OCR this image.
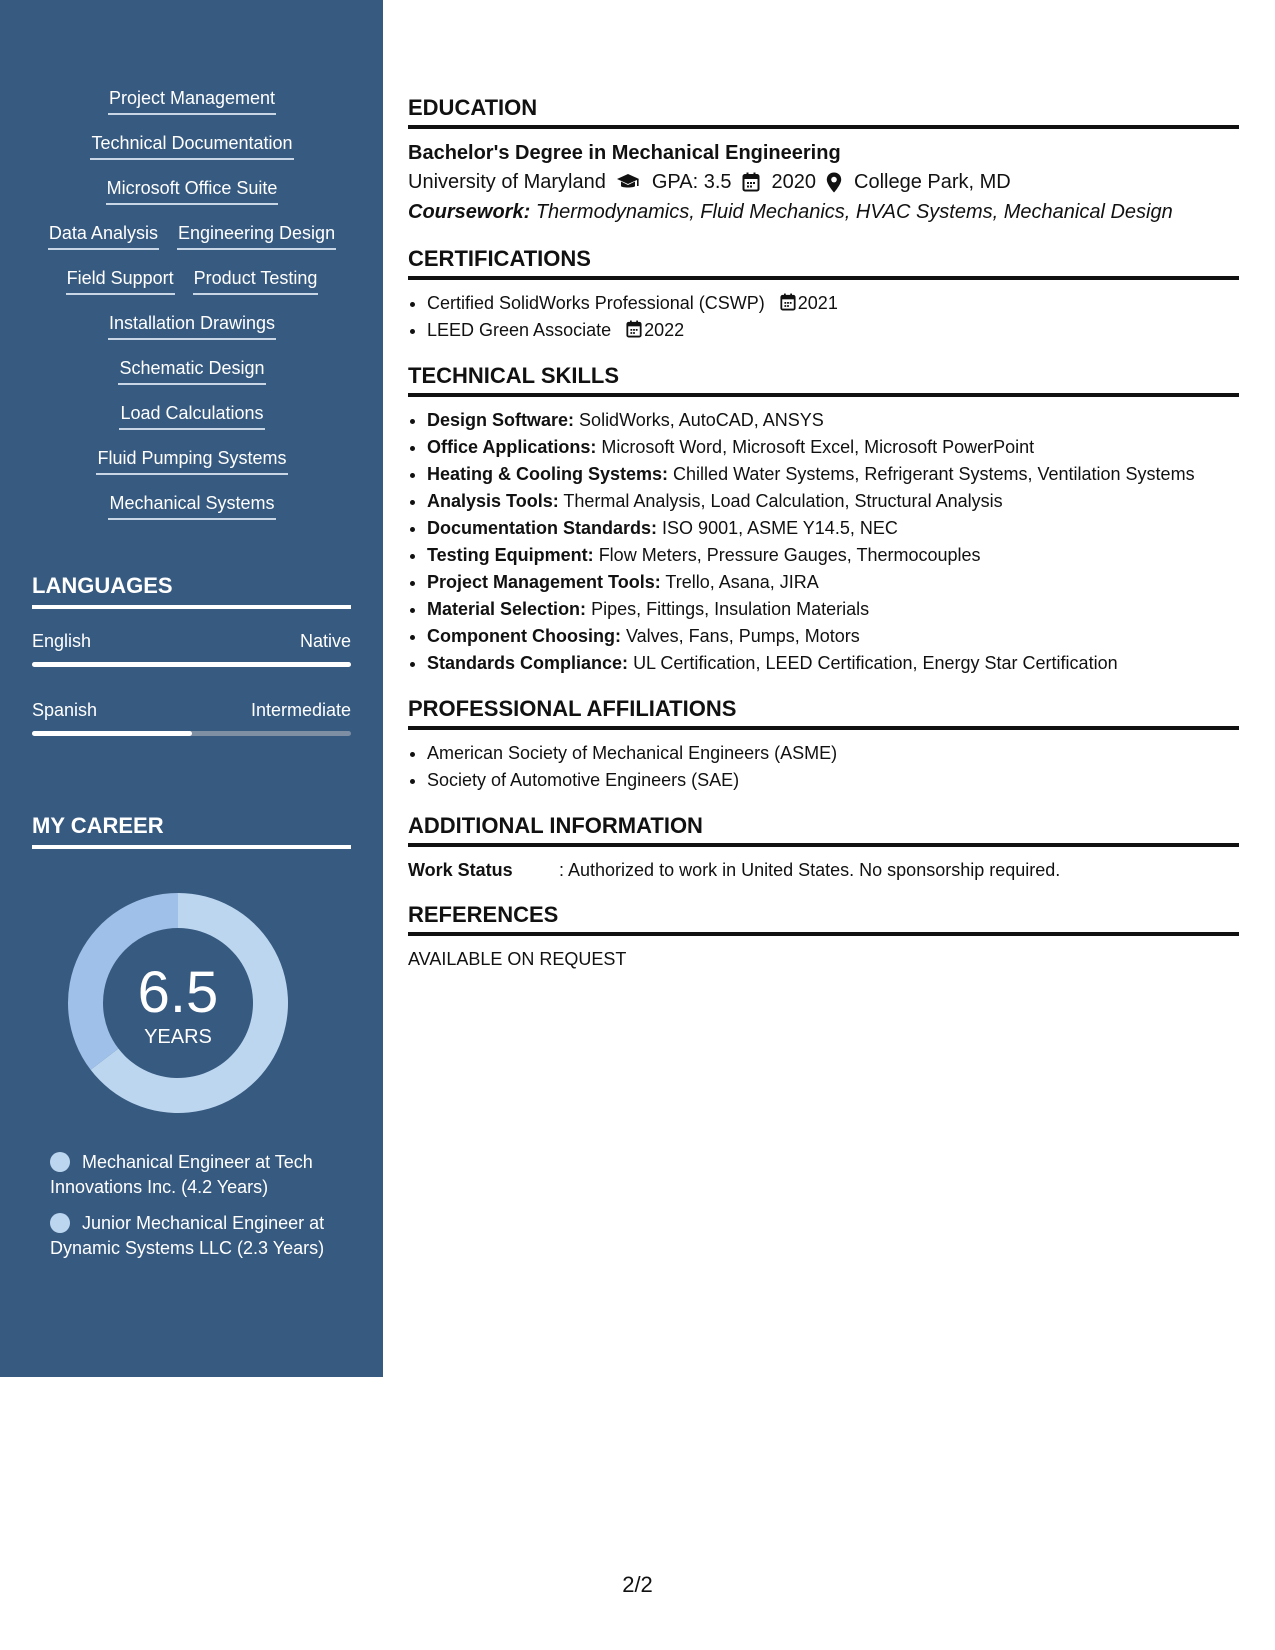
Project Management
Technical Documentation
Microsoft Office Suite
Data Analysis Engineering Design
Field Support Product Testing
Installation Drawings
Schematic Design
Load Calculations
Fluid Pumping Systems
Mechanical Systems
LANGUAGES
English	Native
Spanish	Intermediate
MY CAREER
6.5
YEARS
Mechanical Engineer at Tech Innovations Inc. (4.2 Years)
Junior Mechanical Engineer at Dynamic Systems LLC (2.3 Years)
EDUCATION
Bachelor's Degree in Mechanical Engineering
University of Maryland GPA: 3.5 2020 College Park, MD
Coursework: Thermodynamics, Fluid Mechanics, HVAC Systems, Mechanical Design
CERTIFICATIONS
• Certified SolidWorks Professional (CSWP) 2021
• LEED Green Associate 2022
TECHNICAL SKILLS
• Design Software: SolidWorks, AutoCAD, ANSYS
• Office Applications: Microsoft Word, Microsoft Excel, Microsoft PowerPoint
• Heating & Cooling Systems: Chilled Water Systems, Refrigerant Systems, Ventilation Systems
• Analysis Tools: Thermal Analysis, Load Calculation, Structural Analysis
• Documentation Standards: ISO 9001, ASME Y14.5, NEC
• Testing Equipment: Flow Meters, Pressure Gauges, Thermocouples
• Project Management Tools: Trello, Asana, JIRA
• Material Selection: Pipes, Fittings, Insulation Materials
• Component Choosing: Valves, Fans, Pumps, Motors
• Standards Compliance: UL Certification, LEED Certification, Energy Star Certification
PROFESSIONAL AFFILIATIONS
• American Society of Mechanical Engineers (ASME)
• Society of Automotive Engineers (SAE)
ADDITIONAL INFORMATION
Work Status	: Authorized to work in United States. No sponsorship required.
REFERENCES
AVAILABLE ON REQUEST
2/2
